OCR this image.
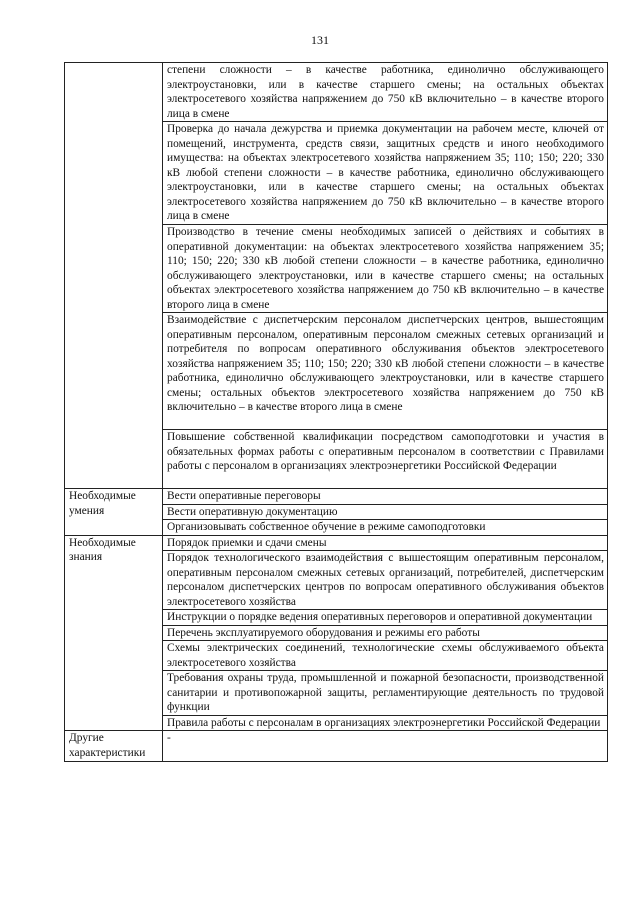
131
	степени сложности – в качестве работника, единолично обслуживающего электроустановки, или в качестве старшего смены; на остальных объектах электросетевого хозяйства напряжением до 750 кВ включительно – в качестве второго лица в смене
	Проверка до начала дежурства и приемка документации на рабочем месте, ключей от помещений, инструмента, средств связи, защитных средств и иного необходимого имущества: на объектах электросетевого хозяйства напряжением 35; 110; 150; 220; 330 кВ любой степени сложности – в качестве работника, единолично обслуживающего электроустановки, или в качестве старшего смены; на остальных объектах электросетевого хозяйства напряжением до 750 кВ включительно – в качестве второго лица в смене
	Производство в течение смены необходимых записей о действиях и событиях в оперативной документации: на объектах электросетевого хозяйства напряжением 35; 110; 150; 220; 330 кВ любой степени сложности – в качестве работника, единолично обслуживающего электроустановки, или в качестве старшего смены; на остальных объектах электросетевого хозяйства напряжением до 750 кВ включительно – в качестве второго лица в смене
	Взаимодействие с диспетчерским персоналом диспетчерских центров, вышестоящим оперативным персоналом, оперативным персоналом смежных сетевых организаций и потребителя по вопросам оперативного обслуживания объектов электросетевого хозяйства напряжением 35; 110; 150; 220; 330 кВ любой степени сложности – в качестве работника, единолично обслуживающего электроустановки, или в качестве старшего смены; остальных объектов электросетевого хозяйства напряжением до 750 кВ включительно – в качестве второго лица в смене
	Повышение собственной квалификации посредством самоподготовки и участия в обязательных формах работы с оперативным персоналом в соответствии с Правилами работы с персоналом в организациях электроэнергетики Российской Федерации
Необходимые умения	Вести оперативные переговоры
	Вести оперативную документацию
	Организовывать собственное обучение в режиме самоподготовки
Необходимые знания	Порядок приемки и сдачи смены
	Порядок технологического взаимодействия с вышестоящим оперативным персоналом, оперативным персоналом смежных сетевых организаций, потребителей, диспетчерским персоналом диспетчерских центров по вопросам оперативного обслуживания объектов электросетевого хозяйства
	Инструкции о порядке ведения оперативных переговоров и оперативной документации
	Перечень эксплуатируемого оборудования и режимы его работы
	Схемы электрических соединений, технологические схемы обслуживаемого объекта электросетевого хозяйства
	Требования охраны труда, промышленной и пожарной безопасности, производственной санитарии и противопожарной защиты, регламентирующие деятельность по трудовой функции
	Правила работы с персоналам в организациях электроэнергетики Российской Федерации
Другие характеристики	-
